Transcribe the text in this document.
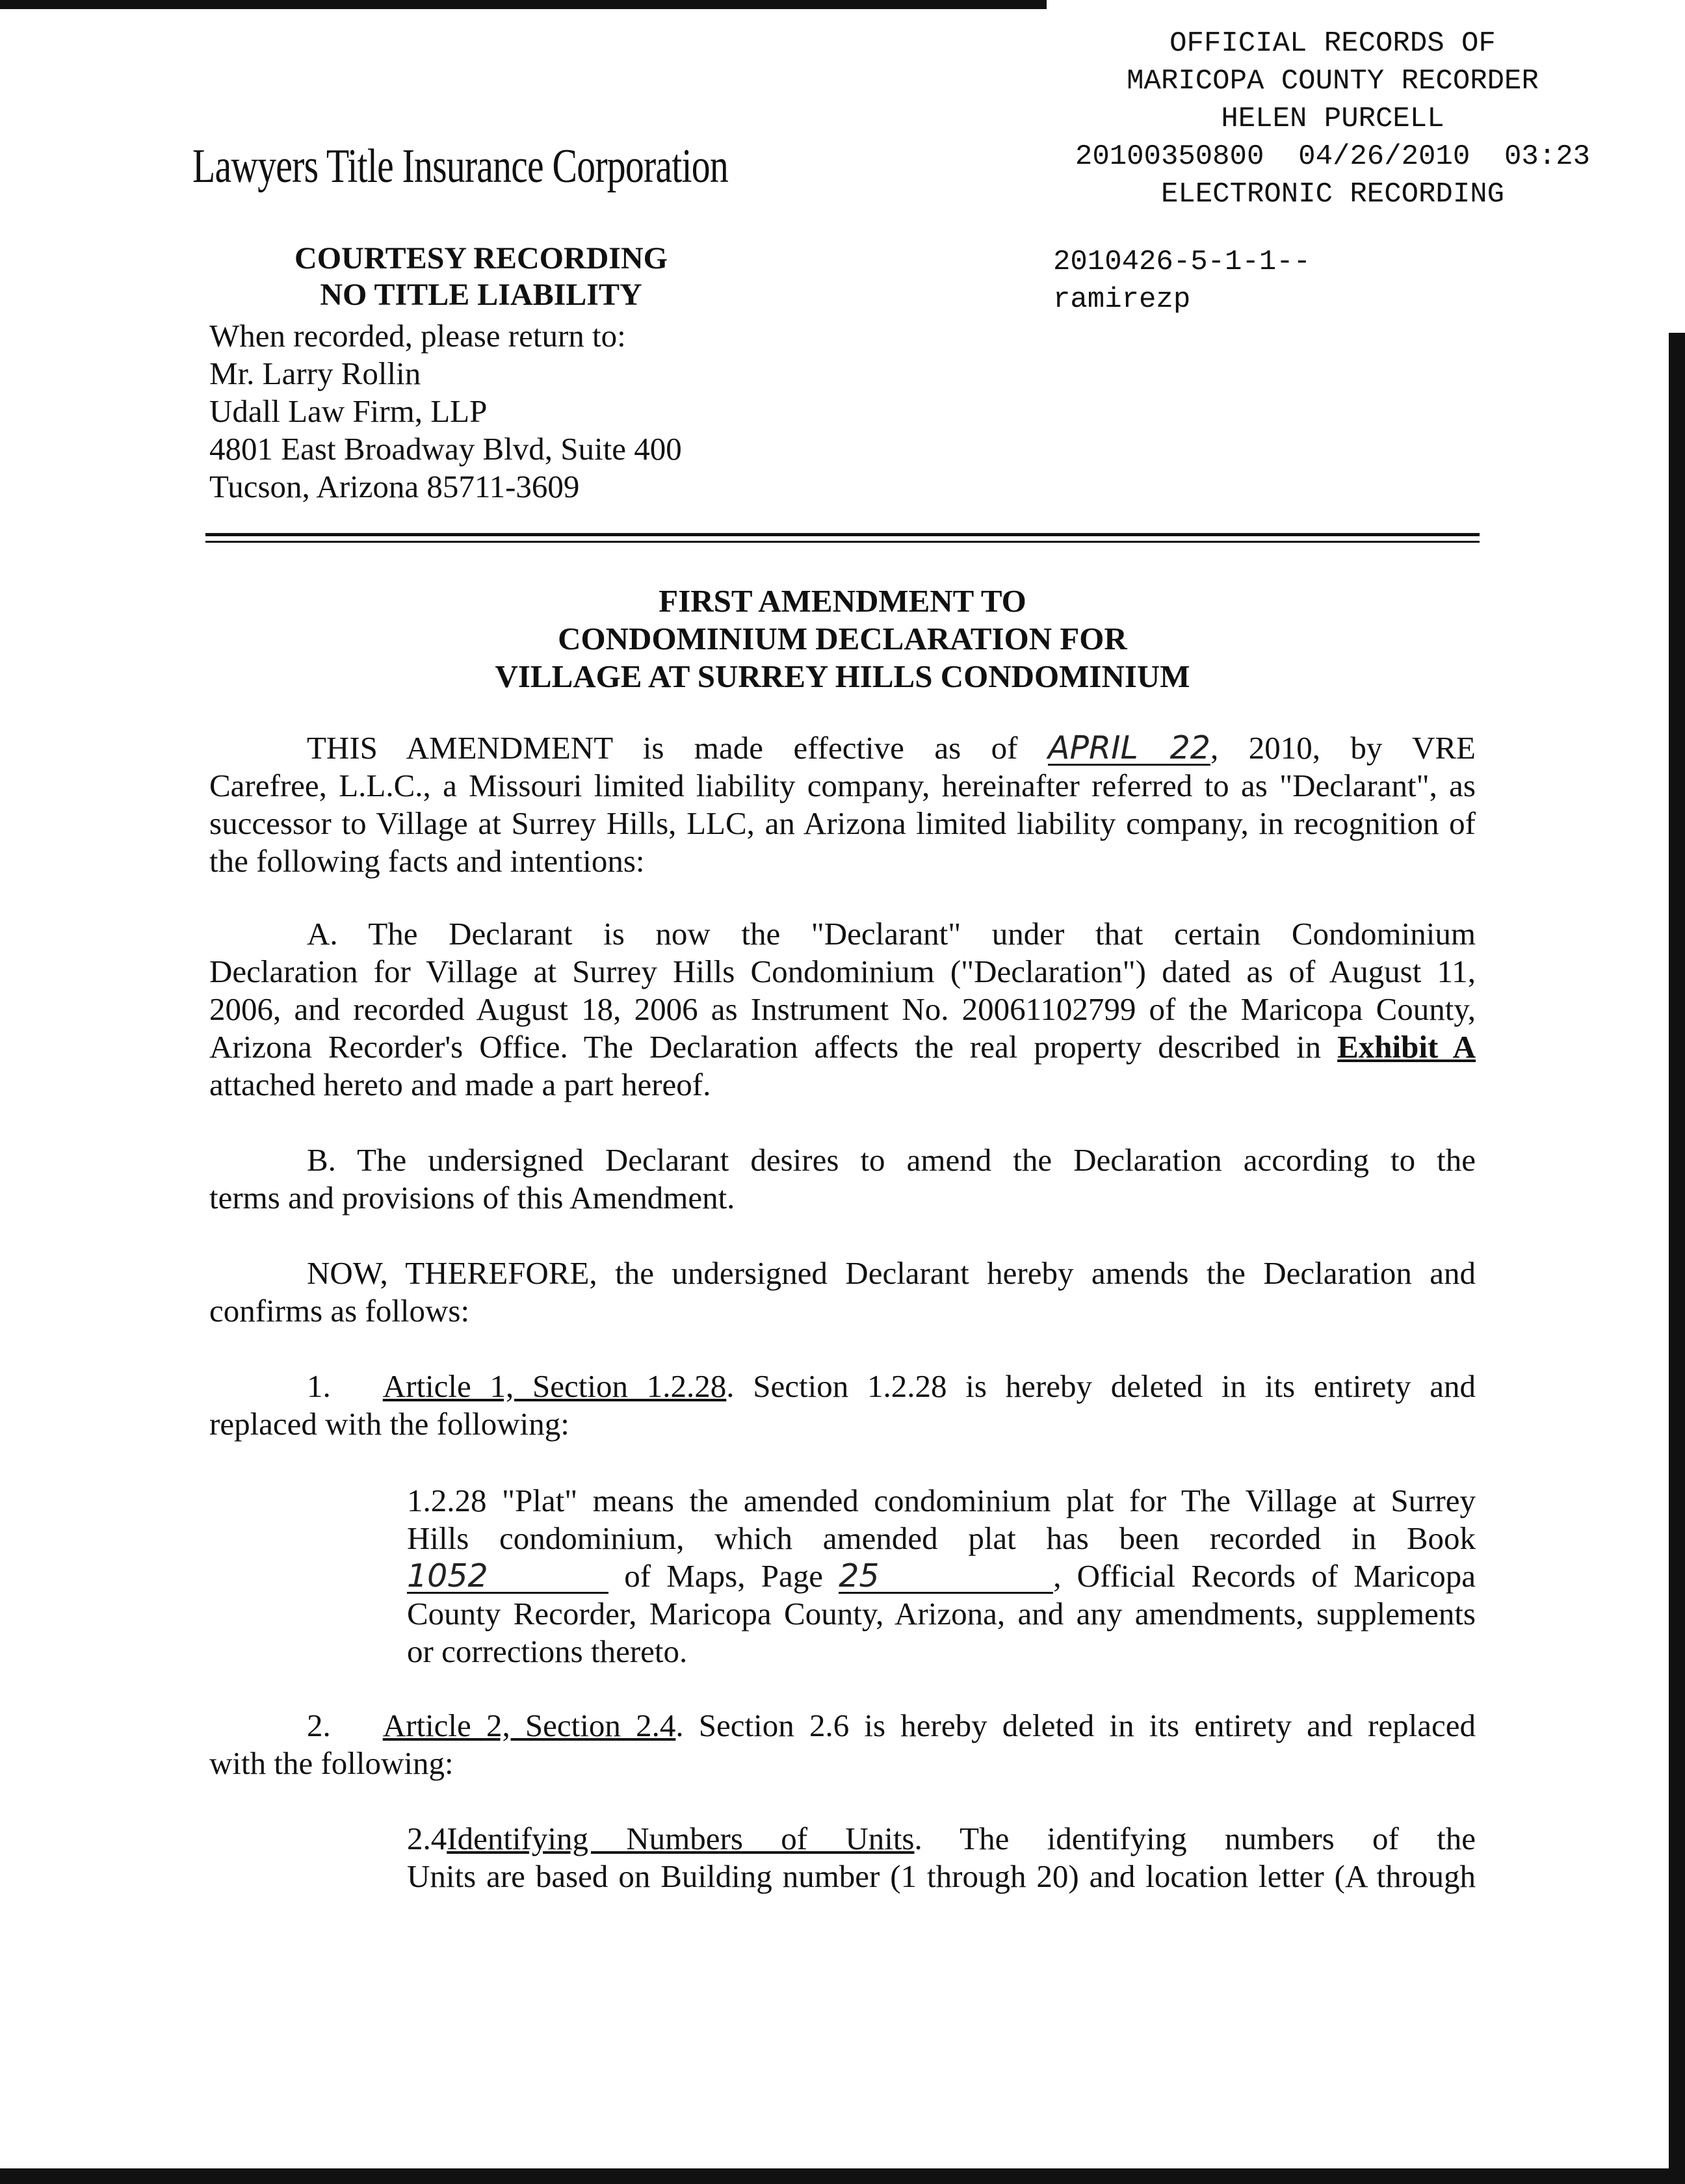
OFFICIAL RECORDS OF
MARICOPA COUNTY RECORDER
HELEN PURCELL
20100350800  04/26/2010  03:23
ELECTRONIC RECORDING
2010426-5-1-1--
ramirezp
Lawyers Title Insurance Corporation
COURTESY RECORDING
NO TITLE LIABILITY
When recorded, please return to:
Mr. Larry Rollin
Udall Law Firm, LLP
4801 East Broadway Blvd, Suite 400
Tucson, Arizona 85711-3609
FIRST AMENDMENT TO
CONDOMINIUM DECLARATION FOR
VILLAGE AT SURREY HILLS CONDOMINIUM
THIS AMENDMENT is made effective as of APRIL 22, 2010, by VRE
Carefree, L.L.C., a Missouri limited liability company, hereinafter referred to as "Declarant", as
successor to Village at Surrey Hills, LLC, an Arizona limited liability company, in recognition of
the following facts and intentions:
A. The Declarant is now the "Declarant" under that certain Condominium
Declaration for Village at Surrey Hills Condominium ("Declaration") dated as of August 11,
2006, and recorded August 18, 2006 as Instrument No. 20061102799 of the Maricopa County,
Arizona Recorder's Office. The Declaration affects the real property described in Exhibit A
attached hereto and made a part hereof.
B. The undersigned Declarant desires to amend the Declaration according to the
terms and provisions of this Amendment.
NOW, THEREFORE, the undersigned Declarant hereby amends the Declaration and
confirms as follows:
1. Article 1, Section 1.2.28. Section 1.2.28 is hereby deleted in its entirety and
replaced with the following:
1.2.28 "Plat" means the amended condominium plat for The Village at Surrey
Hills condominium, which amended plat has been recorded in Book
1052	of Maps, Page 25	, Official Records of Maricopa
County Recorder, Maricopa County, Arizona, and any amendments, supplements
or corrections thereto.
2. Article 2, Section 2.4. Section 2.6 is hereby deleted in its entirety and replaced
with the following:
2.4Identifying Numbers of Units. The identifying numbers of the
Units are based on Building number (1 through 20) and location letter (A through
